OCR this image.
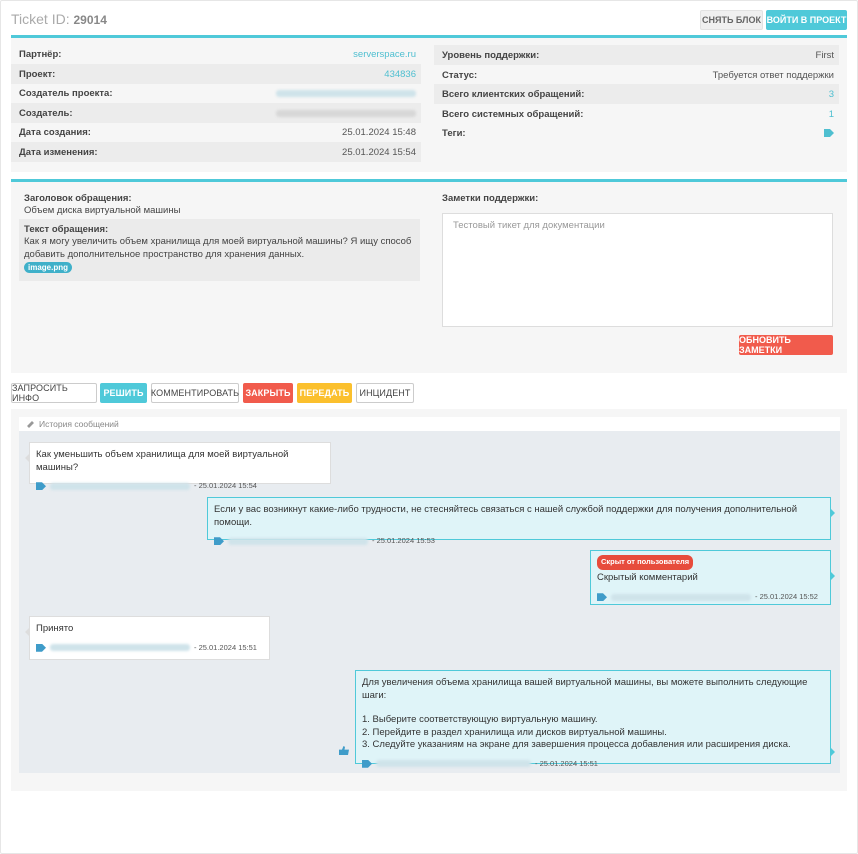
Ticket ID: 29014	СНЯТЬ БЛОК ВОЙТИ В ПРОЕКТ
Партнёр:	serverspace.ru
Проект:	434836
Создатель проекта:
Создатель:
Дата создания:	25.01.2024 15:48
Дата изменения:	25.01.2024 15:54
Уровень поддержки:	First
Статус:	Требуется ответ поддержки
Всего клиентских обращений:	3
Всего системных обращений:	1
Теги:
Заголовок обращения:
Объем диска виртуальной машины
Текст обращения:
Как я могу увеличить объем хранилища для моей виртуальной машины? Я ищу способ добавить дополнительное пространство для хранения данных.
image.png
Заметки поддержки:
Тестовый тикет для документации
ОБНОВИТЬ ЗАМЕТКИ
ЗАПРОСИТЬ ИНФО	РЕШИТЬ КОММЕНТИРОВАТЬ ЗАКРЫТЬ ПЕРЕДАТЬ	ИНЦИДЕНТ
История сообщений
Как уменьшить объем хранилища для моей виртуальной машины?
- 25.01.2024 15:54
Если у вас возникнут какие-либо трудности, не стесняйтесь связаться с нашей службой поддержки для получения дополнительной помощи.
- 25.01.2024 15:53
Скрыт от пользователя
Скрытый комментарий
- 25.01.2024 15:52
Принято
- 25.01.2024 15:51
Для увеличения объема хранилища вашей виртуальной машины, вы можете выполнить следующие шаги:
1. Выберите соответствующую виртуальную машину.
2. Перейдите в раздел хранилища или дисков виртуальной машины.
3. Следуйте указаниям на экране для завершения процесса добавления или расширения диска.
- 25.01.2024 15:51
